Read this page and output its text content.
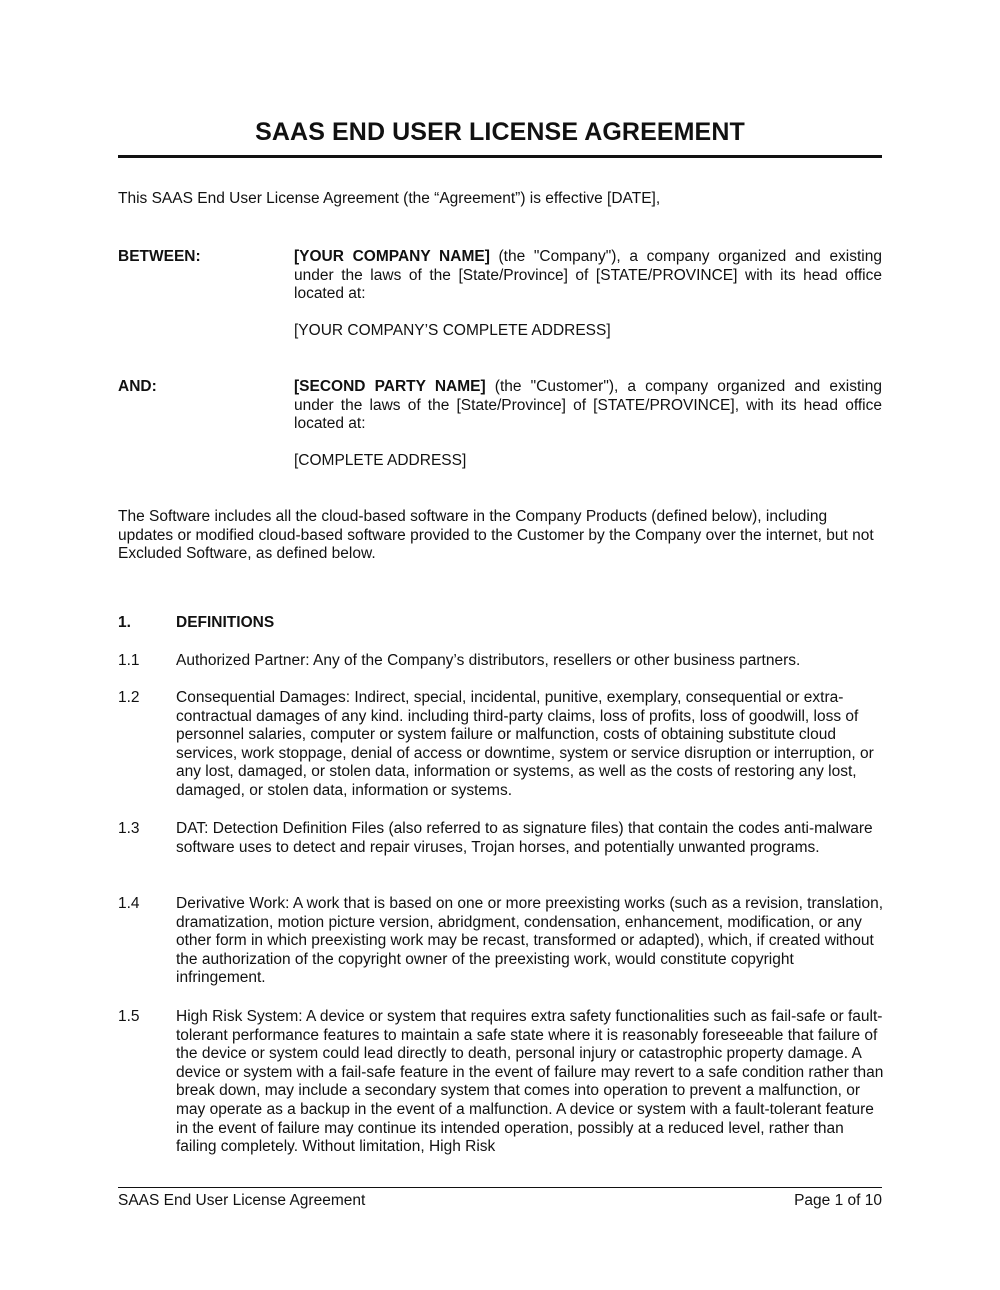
SAAS END USER LICENSE AGREEMENT
This SAAS End User License Agreement (the “Agreement”) is effective [DATE],
BETWEEN:	[YOUR COMPANY NAME] (the "Company"), a company organized and existing under the laws of the [State/Province] of [STATE/PROVINCE] with its head office located at:
[YOUR COMPANY’S COMPLETE ADDRESS]
AND:	[SECOND PARTY NAME] (the "Customer"), a company organized and existing under the laws of the [State/Province] of [STATE/PROVINCE], with its head office located at:
[COMPLETE ADDRESS]
The Software includes all the cloud-based software in the Company Products (defined below), including updates or modified cloud-based software provided to the Customer by the Company over the internet, but not Excluded Software, as defined below.
1.	DEFINITIONS
1.1 Authorized Partner: Any of the Company’s distributors, resellers or other business partners.
1.2 Consequential Damages: Indirect, special, incidental, punitive, exemplary, consequential or extra-contractual damages of any kind. including third-party claims, loss of profits, loss of goodwill, loss of personnel salaries, computer or system failure or malfunction, costs of obtaining substitute cloud services, work stoppage, denial of access or downtime, system or service disruption or interruption, or any lost, damaged, or stolen data, information or systems, as well as the costs of restoring any lost, damaged, or stolen data, information or systems.
1.3 DAT: Detection Definition Files (also referred to as signature files) that contain the codes anti-malware software uses to detect and repair viruses, Trojan horses, and potentially unwanted programs.
1.4 Derivative Work: A work that is based on one or more preexisting works (such as a revision, translation, dramatization, motion picture version, abridgment, condensation, enhancement, modification, or any other form in which preexisting work may be recast, transformed or adapted), which, if created without the authorization of the copyright owner of the preexisting work, would constitute copyright infringement.
1.5 High Risk System: A device or system that requires extra safety functionalities such as fail-safe or fault-tolerant performance features to maintain a safe state where it is reasonably foreseeable that failure of the device or system could lead directly to death, personal injury or catastrophic property damage. A device or system with a fail-safe feature in the event of failure may revert to a safe condition rather than break down, may include a secondary system that comes into operation to prevent a malfunction, or may operate as a backup in the event of a malfunction. A device or system with a fault-tolerant feature in the event of failure may continue its intended operation, possibly at a reduced level, rather than failing completely. Without limitation, High Risk
SAAS End User License Agreement	Page 1 of 10
